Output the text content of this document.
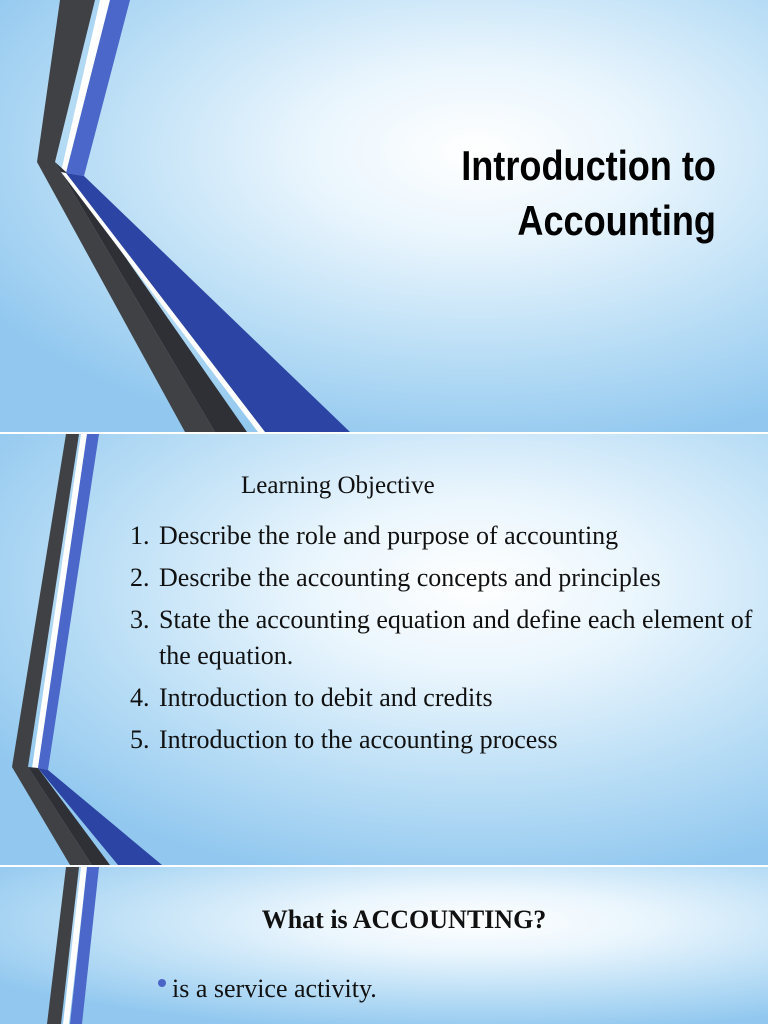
Introduction to
Accounting
Learning Objective
1. Describe the role and purpose of accounting
2. Describe the accounting concepts and principles
3. State the accounting equation and define each element of the equation.
4. Introduction to debit and credits
5. Introduction to the accounting process
What is ACCOUNTING?
is a service activity.
